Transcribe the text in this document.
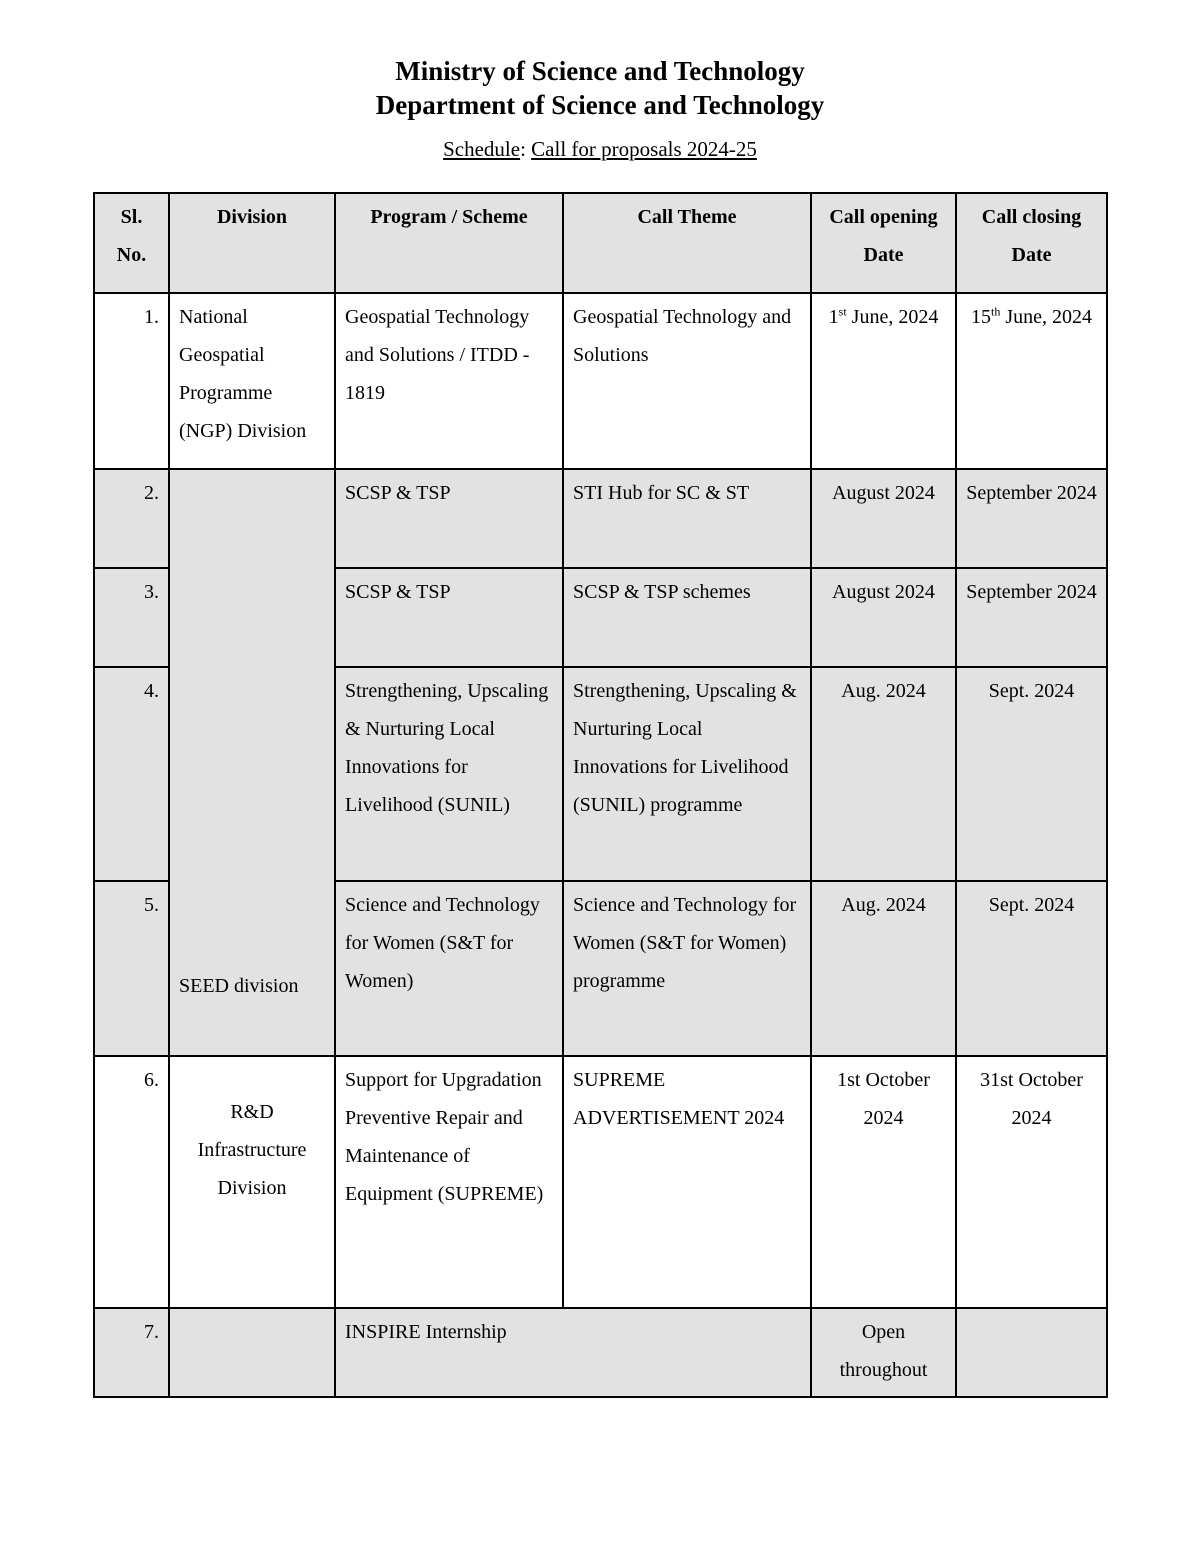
Ministry of Science and Technology
Department of Science and Technology
Schedule: Call for proposals 2024-25
Sl. No.	Division	Program / Scheme	Call Theme	Call opening Date	Call closing Date
1.	National Geospatial Programme (NGP) Division	Geospatial Technology and Solutions / ITDD - 1819	Geospatial Technology and Solutions	1st June, 2024	15th June, 2024
2.	SEED division	SCSP & TSP	STI Hub for SC & ST	August 2024	September 2024
3.		SCSP & TSP	SCSP & TSP schemes	August 2024	September 2024
4.		Strengthening, Upscaling & Nurturing Local Innovations for Livelihood (SUNIL)	Strengthening, Upscaling & Nurturing Local Innovations for Livelihood (SUNIL) programme	Aug. 2024	Sept. 2024
5.		Science and Technology for Women (S&T for Women)	Science and Technology for Women (S&T for Women) programme	Aug. 2024	Sept. 2024
6.	R&D Infrastructure Division	Support for Upgradation Preventive Repair and Maintenance of Equipment (SUPREME)	SUPREME ADVERTISEMENT 2024	1st October 2024	31st October 2024
7.		INSPIRE Internship		Open throughout	
